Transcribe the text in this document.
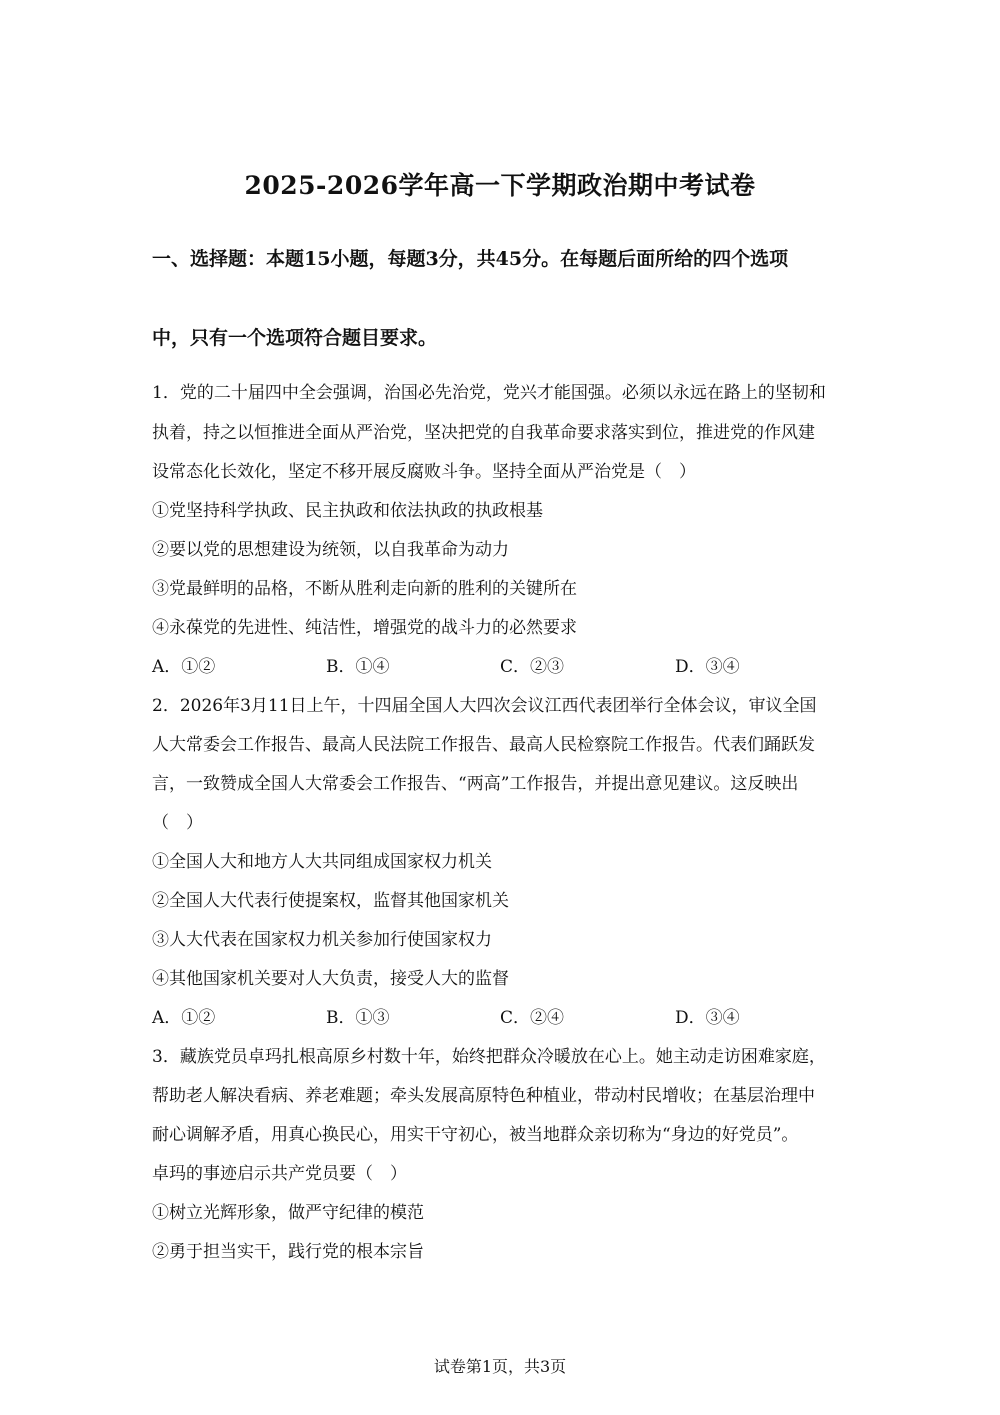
2025-2026学年高一下学期政治期中考试卷
一、选择题：本题15小题，每题3分，共45分。在每题后面所给的四个选项
中，只有一个选项符合题目要求。
1．党的二十届四中全会强调，治国必先治党，党兴才能国强。必须以永远在路上的坚韧和
执着，持之以恒推进全面从严治党，坚决把党的自我革命要求落实到位，推进党的作风建
设常态化长效化，坚定不移开展反腐败斗争。坚持全面从严治党是（　）
①党坚持科学执政、民主执政和依法执政的执政根基
②要以党的思想建设为统领，以自我革命为动力
③党最鲜明的品格，不断从胜利走向新的胜利的关键所在
④永葆党的先进性、纯洁性，增强党的战斗力的必然要求
A．①②	B．①④	C．②③	D．③④
2．2026年3月11日上午，十四届全国人大四次会议江西代表团举行全体会议，审议全国
人大常委会工作报告、最高人民法院工作报告、最高人民检察院工作报告。代表们踊跃发
言，一致赞成全国人大常委会工作报告、“两高”工作报告，并提出意见建议。这反映出
（　）
①全国人大和地方人大共同组成国家权力机关
②全国人大代表行使提案权，监督其他国家机关
③人大代表在国家权力机关参加行使国家权力
④其他国家机关要对人大负责，接受人大的监督
A．①②	B．①③	C．②④	D．③④
3．藏族党员卓玛扎根高原乡村数十年，始终把群众冷暖放在心上。她主动走访困难家庭，
帮助老人解决看病、养老难题；牵头发展高原特色种植业，带动村民增收；在基层治理中
耐心调解矛盾，用真心换民心，用实干守初心，被当地群众亲切称为“身边的好党员”。
卓玛的事迹启示共产党员要（　）
①树立光辉形象，做严守纪律的模范
②勇于担当实干，践行党的根本宗旨
试卷第1页，共3页
